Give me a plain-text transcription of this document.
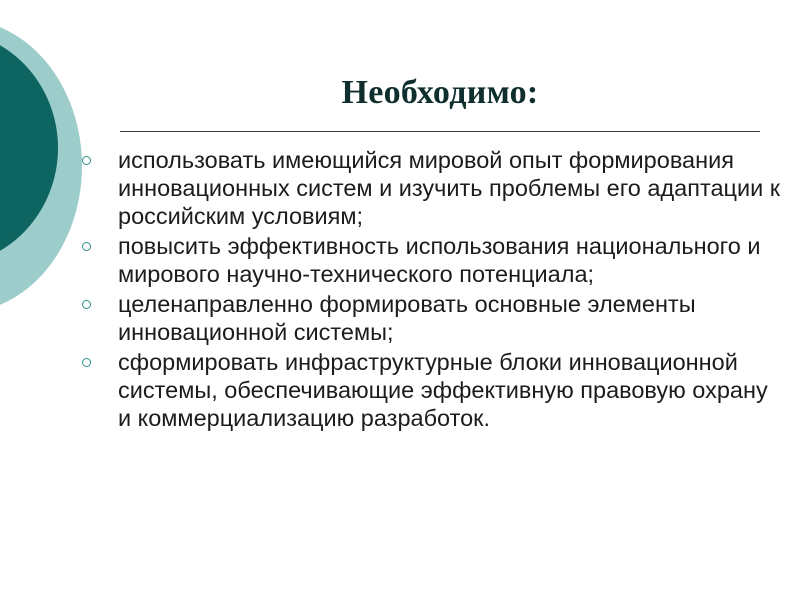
Необходимо:
использовать имеющийся мировой опыт формирования инновационных систем и изучить проблемы его адаптации к российским условиям;
повысить эффективность использования национального и мирового научно-технического потенциала;
целенаправленно формировать основные элементы инновационной системы;
сформировать инфраструктурные блоки инновационной системы, обеспечивающие эффективную правовую охрану и коммерциализацию разработок.
